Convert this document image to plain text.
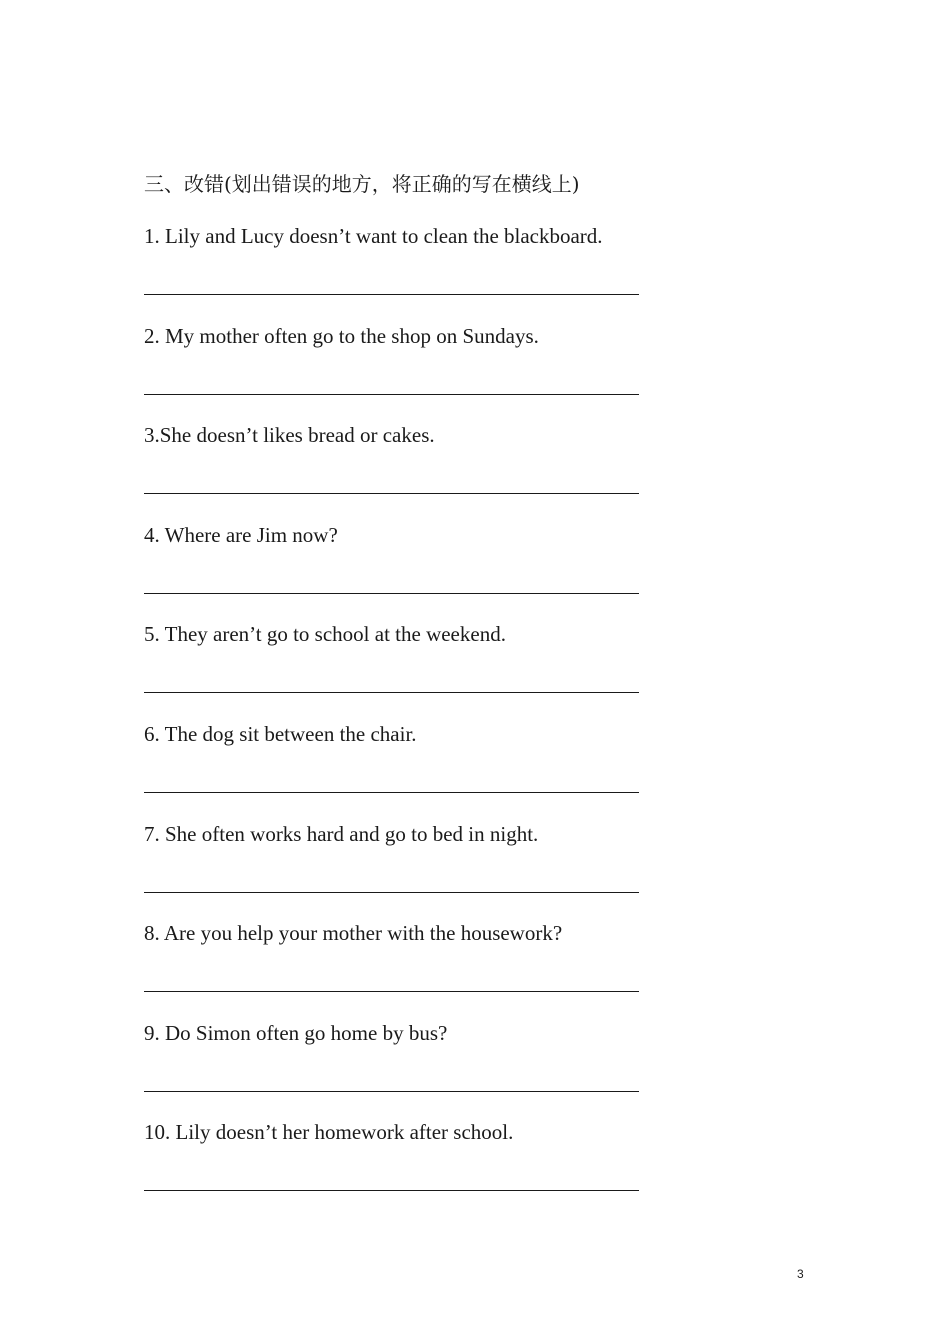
三、改错(划出错误的地方，将正确的写在横线上)
1. Lily and Lucy doesn’t want to clean the blackboard.
2. My mother often go to the shop on Sundays.
3.She doesn’t likes bread or cakes.
4. Where are Jim now?
5. They aren’t go to school at the weekend.
6. The dog sit between the chair.
7. She often works hard and go to bed in night.
8. Are you help your mother with the housework?
9. Do Simon often go home by bus?
10. Lily doesn’t her homework after school.
3
